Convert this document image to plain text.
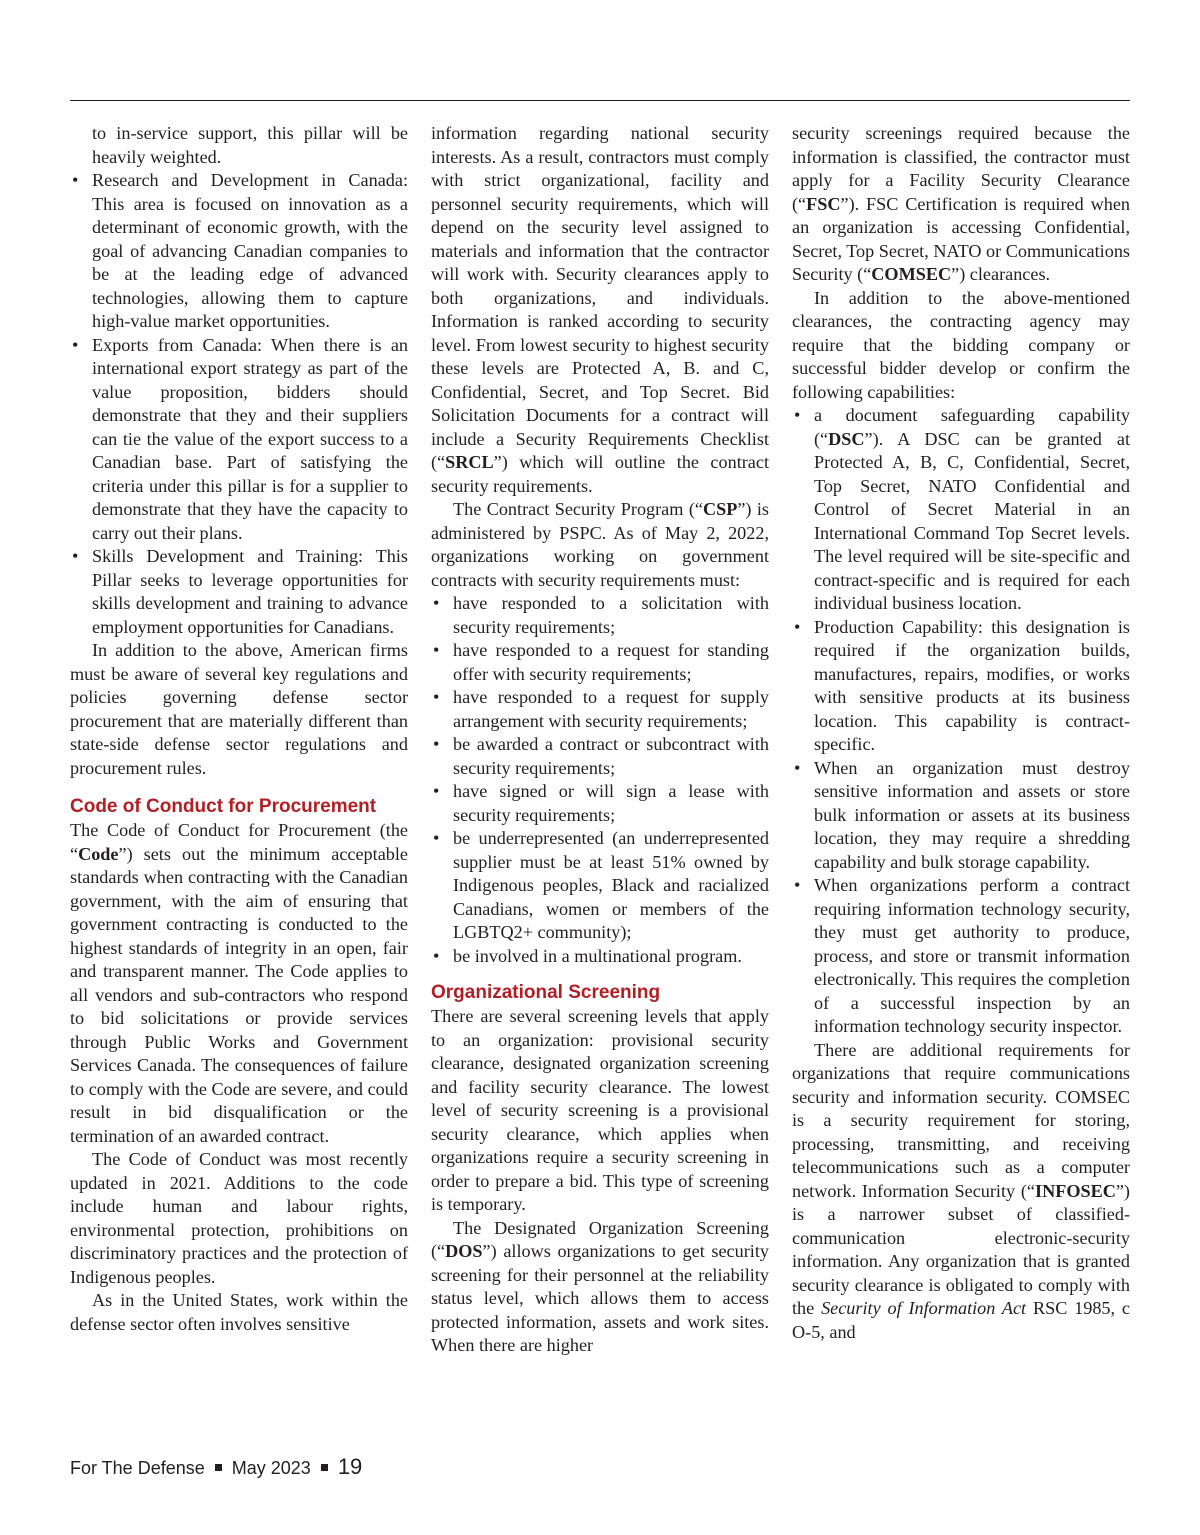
to in-service support, this pillar will be heavily weighted.
• Research and Development in Canada: This area is focused on innovation as a determinant of economic growth, with the goal of advancing Canadian companies to be at the leading edge of advanced technologies, allowing them to capture high-value market opportunities.
• Exports from Canada: When there is an international export strategy as part of the value proposition, bidders should demonstrate that they and their suppliers can tie the value of the export success to a Canadian base. Part of satisfying the criteria under this pillar is for a supplier to demonstrate that they have the capacity to carry out their plans.
• Skills Development and Training: This Pillar seeks to leverage opportunities for skills development and training to advance employment opportunities for Canadians.

In addition to the above, American firms must be aware of several key regulations and policies governing defense sector procurement that are materially different than state-side defense sector regulations and procurement rules.

Code of Conduct for Procurement

The Code of Conduct for Procurement (the “Code”) sets out the minimum acceptable standards when contracting with the Canadian government, with the aim of ensuring that government contracting is conducted to the highest standards of integrity in an open, fair and transparent manner. The Code applies to all vendors and sub-contractors who respond to bid solicitations or provide services through Public Works and Government Services Canada. The consequences of failure to comply with the Code are severe, and could result in bid disqualification or the termination of an awarded contract.

The Code of Conduct was most recently updated in 2021. Additions to the code include human and labour rights, environmental protection, prohibitions on discriminatory practices and the protection of Indigenous peoples.

As in the United States, work within the defense sector often involves sensitive

information regarding national security interests. As a result, contractors must comply with strict organizational, facility and personnel security requirements, which will depend on the security level assigned to materials and information that the contractor will work with. Security clearances apply to both organizations, and individuals. Information is ranked according to security level. From lowest security to highest security these levels are Protected A, B. and C, Confidential, Secret, and Top Secret. Bid Solicitation Documents for a contract will include a Security Requirements Checklist (“SRCL”) which will outline the contract security requirements.

The Contract Security Program (“CSP”) is administered by PSPC. As of May 2, 2022, organizations working on government contracts with security requirements must:

• have responded to a solicitation with security requirements;
• have responded to a request for standing offer with security requirements;
• have responded to a request for supply arrangement with security requirements;
• be awarded a contract or subcontract with security requirements;
• have signed or will sign a lease with security requirements;
• be underrepresented (an underrepresented supplier must be at least 51% owned by Indigenous peoples, Black and racialized Canadians, women or members of the LGBTQ2+ community);
• be involved in a multinational program.
Organizational Screening

There are several screening levels that apply to an organization: provisional security clearance, designated organization screening and facility security clearance. The lowest level of security screening is a provisional security clearance, which applies when organizations require a security screening in order to prepare a bid. This type of screening is temporary.

The Designated Organization Screening (“DOS”) allows organizations to get security screening for their personnel at the reliability status level, which allows them to access protected information, assets and work sites. When there are higher

security screenings required because the information is classified, the contractor must apply for a Facility Security Clearance (“FSC”). FSC Certification is required when an organization is accessing Confidential, Secret, Top Secret, NATO or Communications Security (“COMSEC”) clearances.

In addition to the above-mentioned clearances, the contracting agency may require that the bidding company or successful bidder develop or confirm the following capabilities:

• a document safeguarding capability (“DSC”). A DSC can be granted at Protected A, B, C, Confidential, Secret, Top Secret, NATO Confidential and Control of Secret Material in an International Command Top Secret levels. The level required will be site-specific and contract-specific and is required for each individual business location.
• Production Capability: this designation is required if the organization builds, manufactures, repairs, modifies, or works with sensitive products at its business location. This capability is contract-specific.
• When an organization must destroy sensitive information and assets or store bulk information or assets at its business location, they may require a shredding capability and bulk storage capability.
• When organizations perform a contract requiring information technology security, they must get authority to produce, process, and store or transmit information electronically. This requires the completion of a successful inspection by an information technology security inspector.

There are additional requirements for organizations that require communications security and information security. COMSEC is a security requirement for storing, processing, transmitting, and receiving telecommunications such as a computer network. Information Security (“INFOSEC”) is a narrower subset of classified-communication electronic-security information. Any organization that is granted security clearance is obligated to comply with the Security of Information Act RSC 1985, c O-5, and

For The Defense May 2023 19
